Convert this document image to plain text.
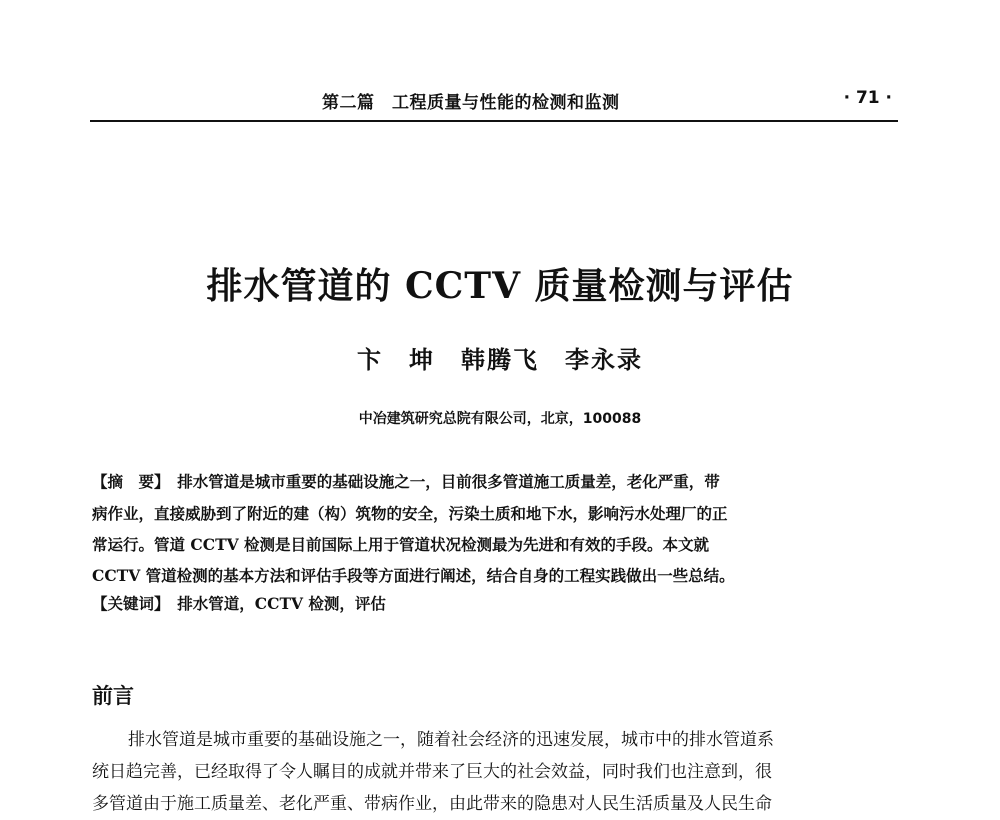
第二篇　工程质量与性能的检测和监测	· 71 ·
排水管道的 CCTV 质量检测与评估
卞　坤　韩腾飞　李永录
中冶建筑研究总院有限公司，北京，100088
【摘　要】　 排水管道是城市重要的基础设施之一，目前很多管道施工质量差，老化严重，带
病作业，直接威胁到了附近的建（构）筑物的安全，污染土质和地下水，影响污水处理厂的正
常运行。管道 CCTV 检测是目前国际上用于管道状况检测最为先进和有效的手段。本文就
CCTV 管道检测的基本方法和评估手段等方面进行阐述，结合自身的工程实践做出一些总结。
【关键词】　 排水管道，CCTV 检测，评估
前言
排水管道是城市重要的基础设施之一，随着社会经济的迅速发展，城市中的排水管道系
统日趋完善，已经取得了令人瞩目的成就并带来了巨大的社会效益，同时我们也注意到，很
多管道由于施工质量差、老化严重、带病作业，由此带来的隐患对人民生活质量及人民生命
